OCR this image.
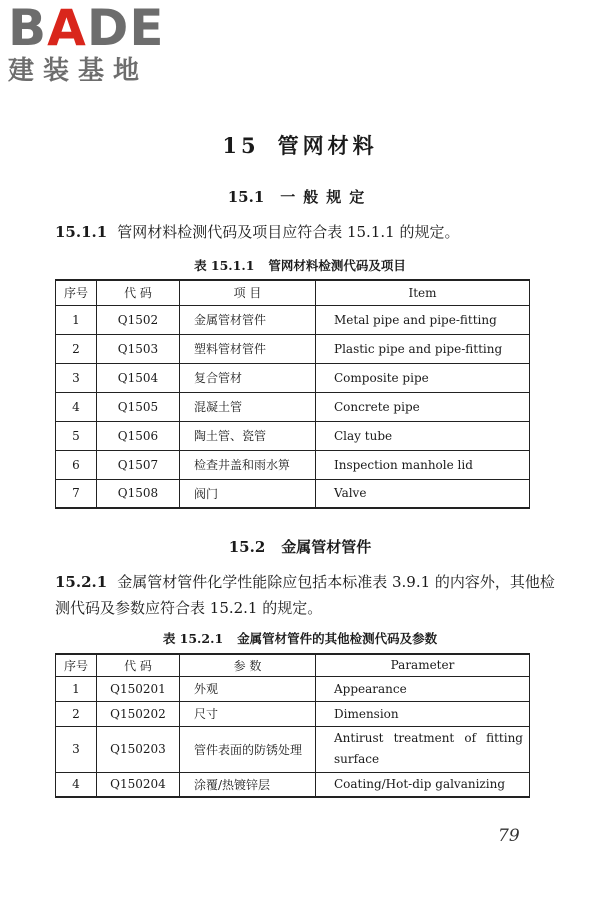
BADE
建装基地
15 管网材料
15.1 一般规定
15.1.1 管网材料检测代码及项目应符合表 15.1.1 的规定。
表 15.1.1 管网材料检测代码及项目
序号	代 码	项 目	Item
1	Q1502	金属管材管件	Metal pipe and pipe-fitting
2	Q1503	塑料管材管件	Plastic pipe and pipe-fitting
3	Q1504	复合管材	Composite pipe
4	Q1505	混凝土管	Concrete pipe
5	Q1506	陶土管、瓷管	Clay tube
6	Q1507	检查井盖和雨水箅	Inspection manhole lid
7	Q1508	阀门	Valve
15.2 金属管材管件
15.2.1 金属管材管件化学性能除应包括本标准表 3.9.1 的内容外，其他检测代码及参数应符合表 15.2.1 的规定。
表 15.2.1 金属管材管件的其他检测代码及参数
序号	代 码	参 数	Parameter
1	Q150201	外观	Appearance
2	Q150202	尺寸	Dimension
3	Q150203	管件表面的防锈处理	Antirust treatment of fitting surface
4	Q150204	涂覆/热镀锌层	Coating/Hot-dip galvanizing
79
